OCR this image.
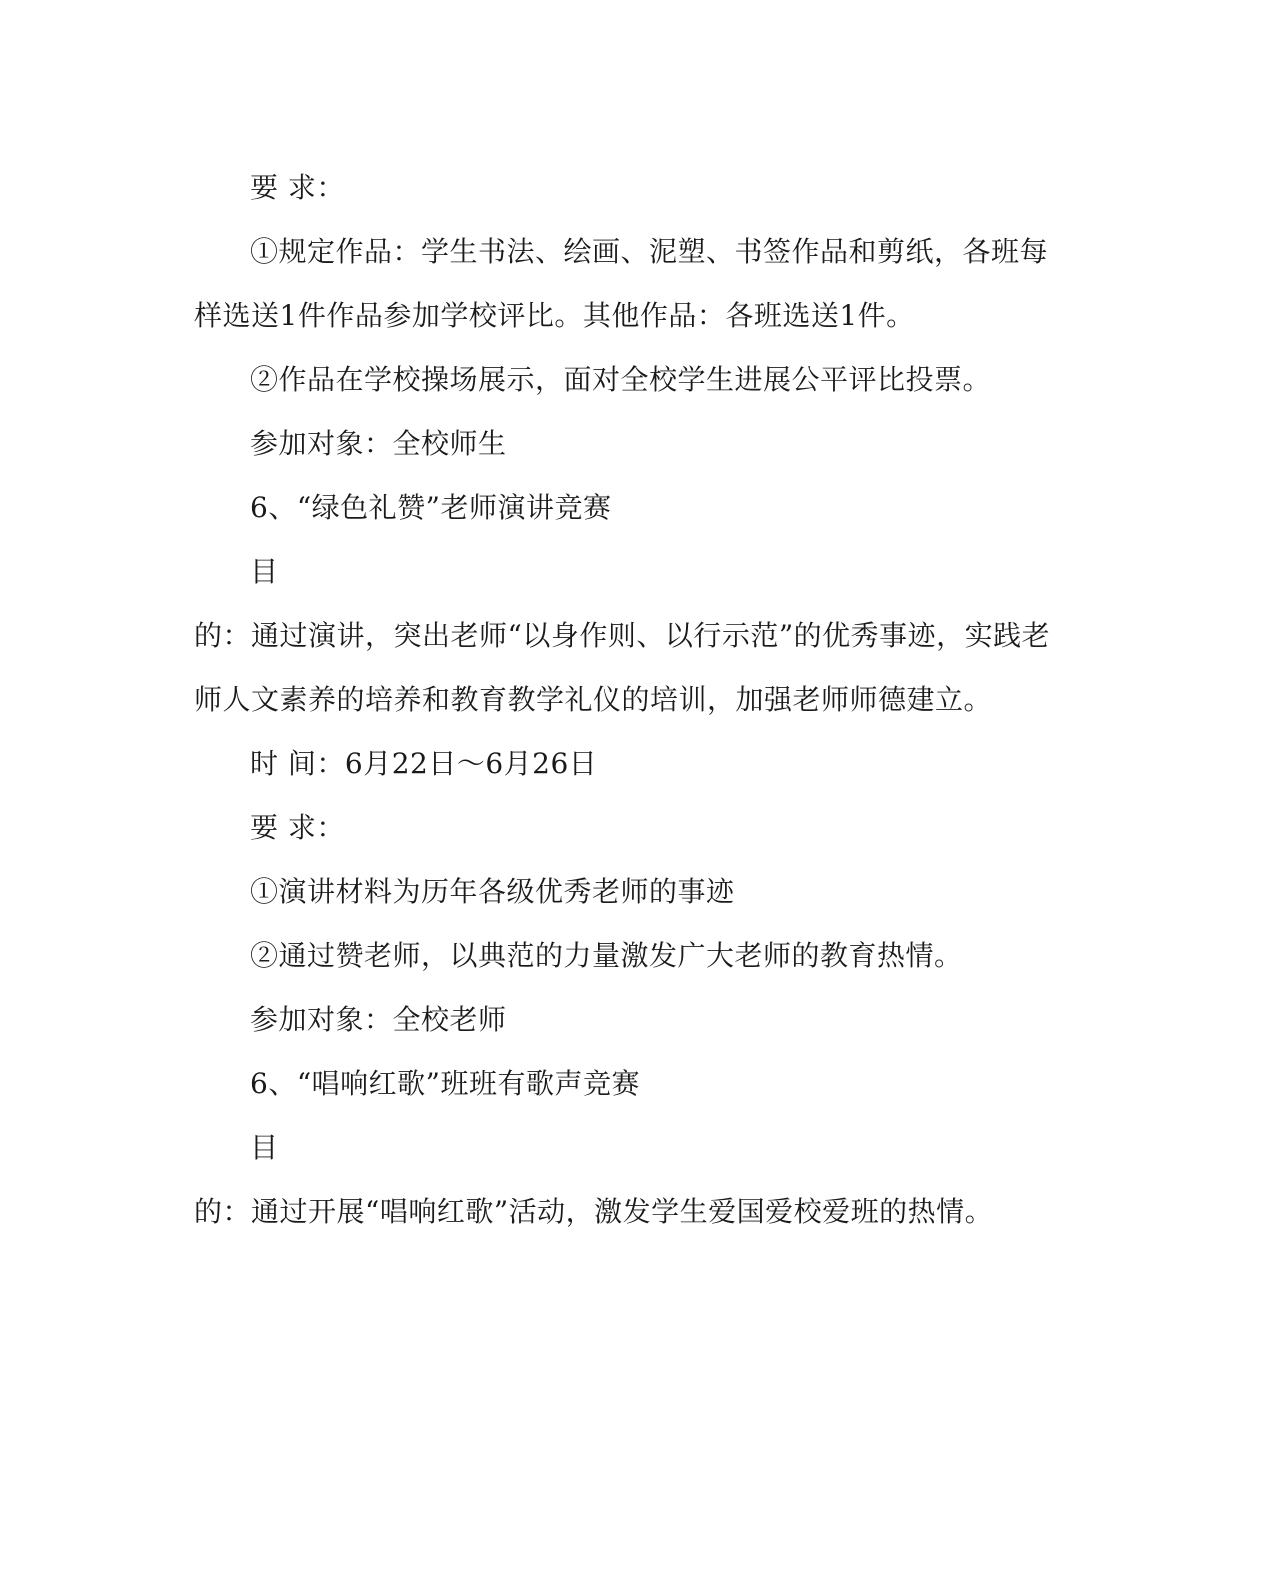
要 求：
①规定作品：学生书法、绘画、泥塑、书签作品和剪纸，各班每
样选送1件作品参加学校评比。其他作品：各班选送1件。
②作品在学校操场展示，面对全校学生进展公平评比投票。
参加对象：全校师生
6、“绿色礼赞”老师演讲竞赛
目
的：通过演讲，突出老师“以身作则、以行示范”的优秀事迹，实践老
师人文素养的培养和教育教学礼仪的培训，加强老师师德建立。
时 间：6月22日～6月26日
要 求：
①演讲材料为历年各级优秀老师的事迹
②通过赞老师，以典范的力量激发广大老师的教育热情。
参加对象：全校老师
6、“唱响红歌”班班有歌声竞赛
目
的：通过开展“唱响红歌”活动，激发学生爱国爱校爱班的热情。
